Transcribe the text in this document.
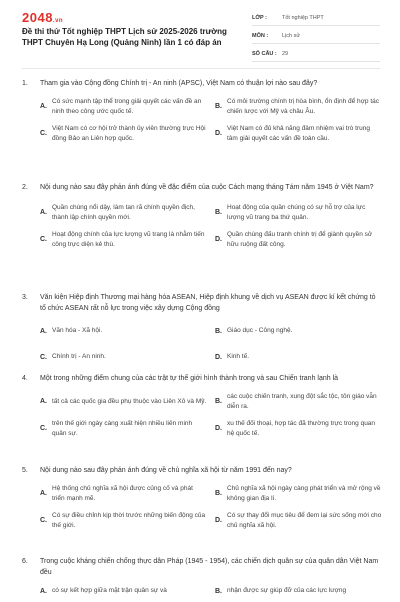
2048.vn
Đề thi thử Tốt nghiệp THPT Lịch sử 2025-2026 trường THPT Chuyên Hạ Long (Quảng Ninh) lần 1 có đáp án
LỚP :	Tốt nghiệp THPT
MÔN :	Lịch sử
SỐ CÂU : 29
1.	Tham gia vào Cộng đồng Chính trị - An ninh (APSC), Việt Nam có thuận lợi nào sau đây?
A.
Có sức mạnh tập thể trong giải quyết các vấn đề an ninh theo công ước quốc tế.
B.
Có môi trường chính trị hòa bình, ổn định để hợp tác chiến lược với Mỹ và châu Âu.
C.
Việt Nam có cơ hội trở thành ủy viên thường trực Hội đồng Bảo an Liên hợp quốc.
D.
Việt Nam có đủ khả năng đảm nhiệm vai trò trung tâm giải quyết các vấn đề toàn cầu.
2.	Nội dung nào sau đây phản ánh đúng về đặc điểm của cuộc Cách mạng tháng Tám năm 1945 ở Việt Nam?
A.
Quần chúng nổi dậy, làm tan rã chính quyền địch, thành lập chính quyền mới.
B.
Hoạt động của quần chúng có sự hỗ trợ của lực lượng vũ trang ba thứ quân.
C.
Hoạt động chính của lực lượng vũ trang là nhằm tiến công trực diện kẻ thù.
D.
Quần chúng đấu tranh chính trị để giành quyền sở hữu ruộng đất công.
3.	Văn kiện Hiệp định Thương mại hàng hóa ASEAN, Hiệp định khung về dịch vụ ASEAN được kí kết chứng tỏ tổ chức ASEAN rất nỗ lực trong việc xây dựng Cộng đồng
A. Văn hóa - Xã hội.	B. Giáo dục - Công nghệ.
C. Chính trị - An ninh.	D. Kinh tế.
4.	Một trong những điểm chung của các trật tự thế giới hình thành trong và sau Chiến tranh lạnh là
A. tất cả các quốc gia đều phụ thuộc vào Liên Xô và Mỹ. B.
các cuộc chiến tranh, xung đột sắc tộc, tôn giáo vẫn diễn ra.
C.
trên thế giới ngày càng xuất hiện nhiều liên minh quân sự.
D.
xu thế đối thoại, hợp tác đã thường trực trong quan hệ quốc tế.
5.	Nội dung nào sau đây phản ánh đúng về chủ nghĩa xã hội từ năm 1991 đến nay?
A.
Hệ thống chủ nghĩa xã hội được củng cố và phát triển mạnh mẽ.
B.
Chủ nghĩa xã hội ngày càng phát triển và mở rộng về không gian địa lí.
C.
Có sự điều chỉnh kịp thời trước những biến động của thế giới.
D.
Có sự thay đổi mục tiêu để đem lại sức sống mới cho chủ nghĩa xã hội.
6.	Trong cuộc kháng chiến chống thực dân Pháp (1945 - 1954), các chiến dịch quân sự của quân dân Việt Nam đều
A. có sự kết hợp giữa mặt trận quân sự và	B. nhận được sự giúp đỡ của các lực lượng
